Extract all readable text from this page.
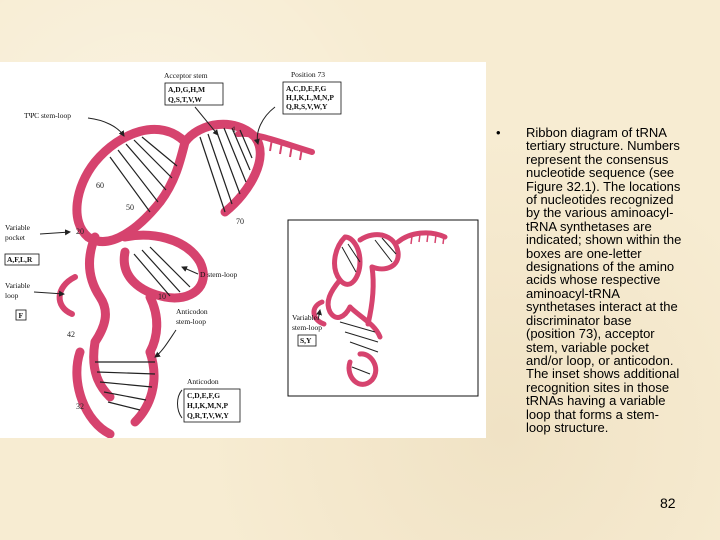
Acceptor stem
A,D,G,H,M
Q,S,T,V,W
Position 73
A,C,D,E,F,G
H,I,K,L,M,N,P
Q,R,S,V,W,Y
TΨC stem-loop
Variable
pocket
A,F,L,R
Variable
loop
F
D stem-loop
Anticodon
stem-loop
Anticodon
C,D,E,F,G
H,I,K,M,N,P
Q,R,T,V,W,Y
1
60
50
70
20
10
42
32
Variable
stem-loop
S,Y
• Ribbon diagram of tRNA tertiary structure. Numbers represent the consensus nucleotide sequence (see Figure 32.1). The locations of nucleotides recognized by the various aminoacyl-tRNA synthetases are indicated; shown within the boxes are one-letter designations of the amino acids whose respective aminoacyl-tRNA synthetases interact at the discriminator base (position 73), acceptor stem, variable pocket and/or loop, or anticodon. The inset shows additional recognition sites in those tRNAs having a variable loop that forms a stem-loop structure.
82
